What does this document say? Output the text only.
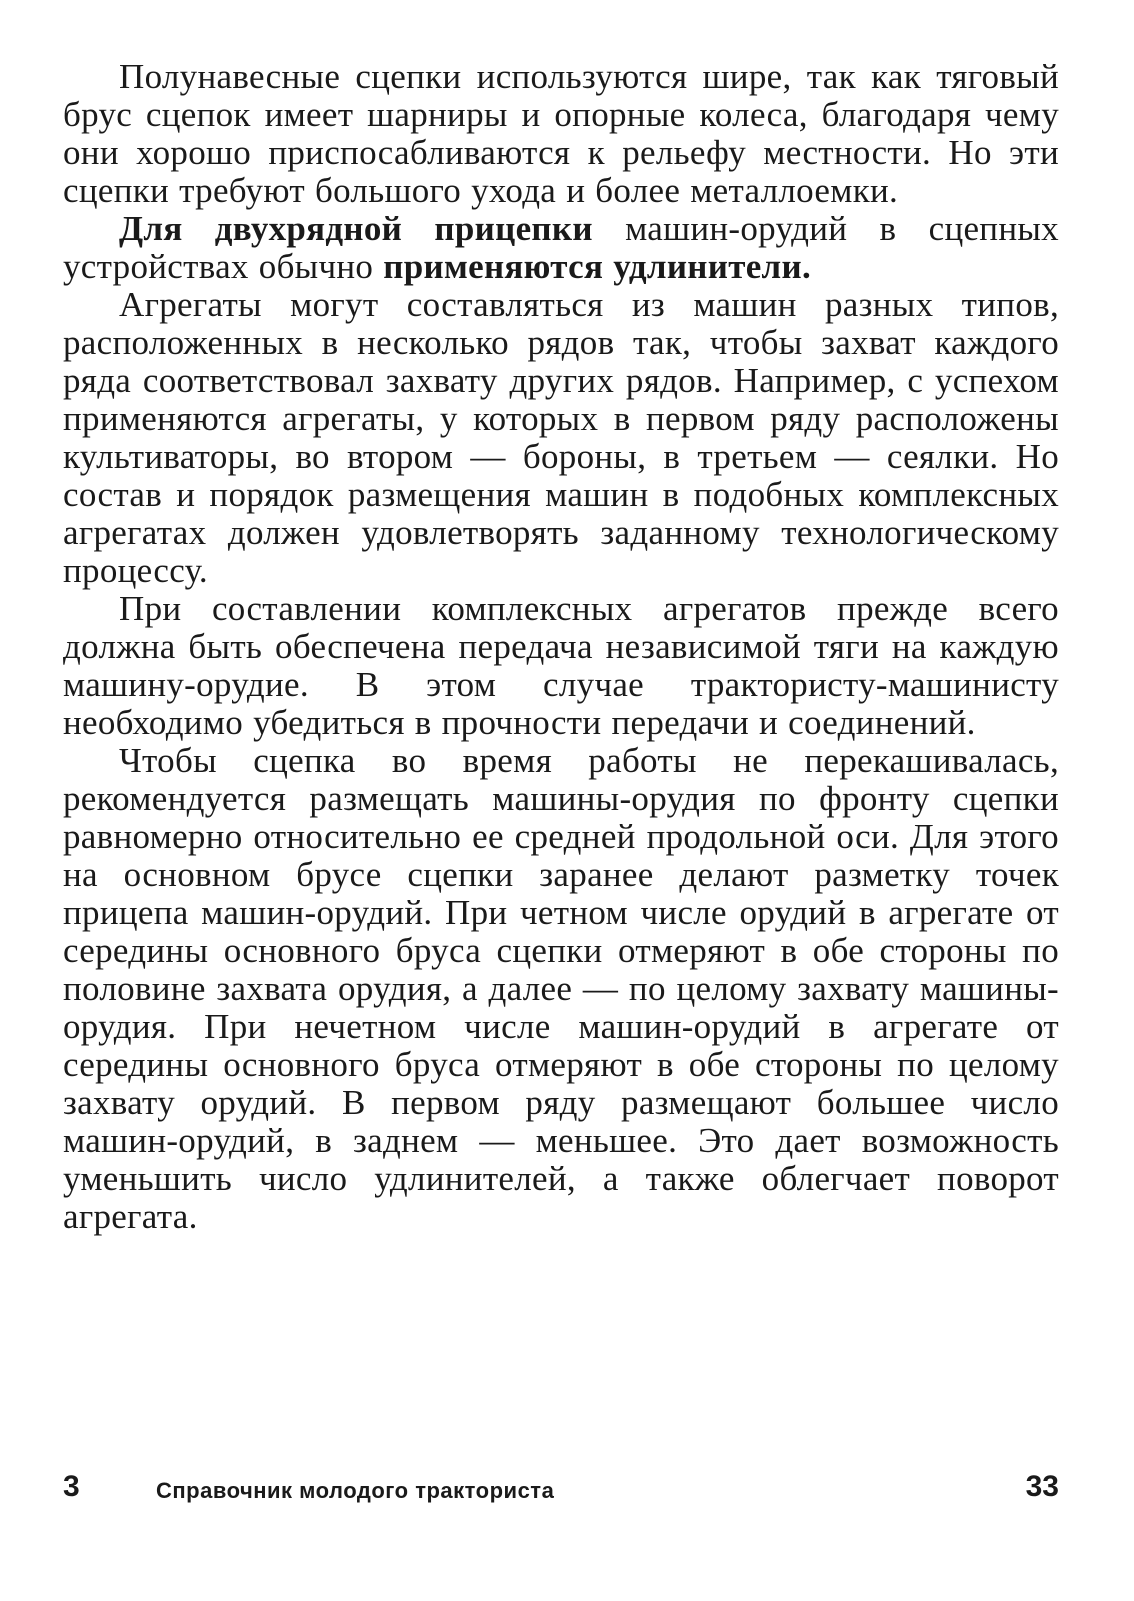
Полунавесные сцепки используются шире, так как тяговый брус сцепок имеет шарниры и опорные колеса, благодаря чему они хорошо приспосабливаются к рельефу местности. Но эти сцепки требуют большого ухода и более металлоемки.

Для двухрядной прицепки машин-орудий в сцепных устройствах обычно применяются удлинители.

Агрегаты могут составляться из машин разных типов, расположенных в несколько рядов так, чтобы захват каждого ряда соответствовал захвату других рядов. Например, с успехом применяются агрегаты, у которых в первом ряду расположены культиваторы, во втором — бороны, в третьем — сеялки. Но состав и порядок размещения машин в подобных комплексных агрегатах должен удовлетворять заданному технологическому процессу.

При составлении комплексных агрегатов прежде всего должна быть обеспечена передача независимой тяги на каждую машину-орудие. В этом случае трактористу-машинисту необходимо убедиться в прочности передачи и соединений.

Чтобы сцепка во время работы не перекашивалась, рекомендуется размещать машины-орудия по фронту сцепки равномерно относительно ее средней продольной оси. Для этого на основном брусе сцепки заранее делают разметку точек прицепа машин-орудий. При четном числе орудий в агрегате от середины основного бруса сцепки отмеряют в обе стороны по половине захвата орудия, а далее — по целому захвату машины-орудия. При нечетном числе машин-орудий в агрегате от середины основного бруса отмеряют в обе стороны по целому захвату орудий. В первом ряду размещают большее число машин-орудий, в заднем — меньшее. Это дает возможность уменьшить число удлинителей, а также облегчает поворот агрегата.

3	Справочник молодого тракториста	33
